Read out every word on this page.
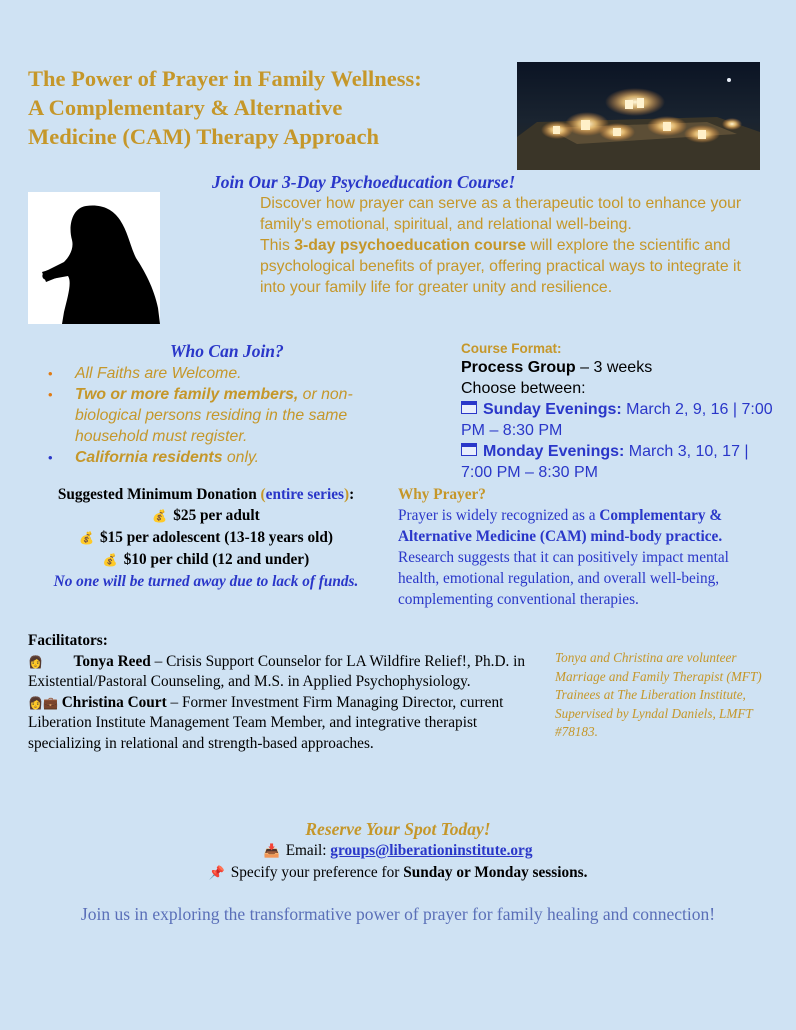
The Power of Prayer in Family Wellness:
A Complementary & Alternative
Medicine (CAM) Therapy Approach
Join Our 3-Day Psychoeducation Course!

Discover how prayer can serve as a therapeutic tool to enhance your family's emotional, spiritual, and relational well-being.

This 3-day psychoeducation course will explore the scientific and psychological benefits of prayer, offering practical ways to integrate it into your family life for greater unity and resilience.

Who Can Join?
• All Faiths are Welcome.
• Two or more family members, or non-biological persons residing in the same household must register.
• California residents only.
Course Format:
Process Group – 3 weeks
Choose between:
Sunday Evenings: March 2, 9, 16 | 7:00 PM – 8:30 PM
Monday Evenings: March 3, 10, 17 | 7:00 PM – 8:30 PM
Suggested Minimum Donation (entire series):
💰 $25 per adult
💰 $15 per adolescent (13-18 years old)
💰 $10 per child (12 and under)
No one will be turned away due to lack of funds.
Why Prayer?
Prayer is widely recognized as a Complementary & Alternative Medicine (CAM) mind-body practice. Research suggests that it can positively impact mental health, emotional regulation, and overall well-being, complementing conventional therapies.
Facilitators:
👩 Tonya Reed – Crisis Support Counselor for LA Wildfire Relief!, Ph.D. in Existential/Pastoral Counseling, and M.S. in Applied Psychophysiology.
👩💼 Christina Court – Former Investment Firm Managing Director, current Liberation Institute Management Team Member, and integrative therapist specializing in relational and strength-based approaches.
Tonya and Christina are volunteer Marriage and Family Therapist (MFT) Trainees at The Liberation Institute, Supervised by Lyndal Daniels, LMFT #78183.
Reserve Your Spot Today!
📥 Email: groups@liberationinstitute.org
📌 Specify your preference for Sunday or Monday sessions.
Join us in exploring the transformative power of prayer for family healing and connection!
